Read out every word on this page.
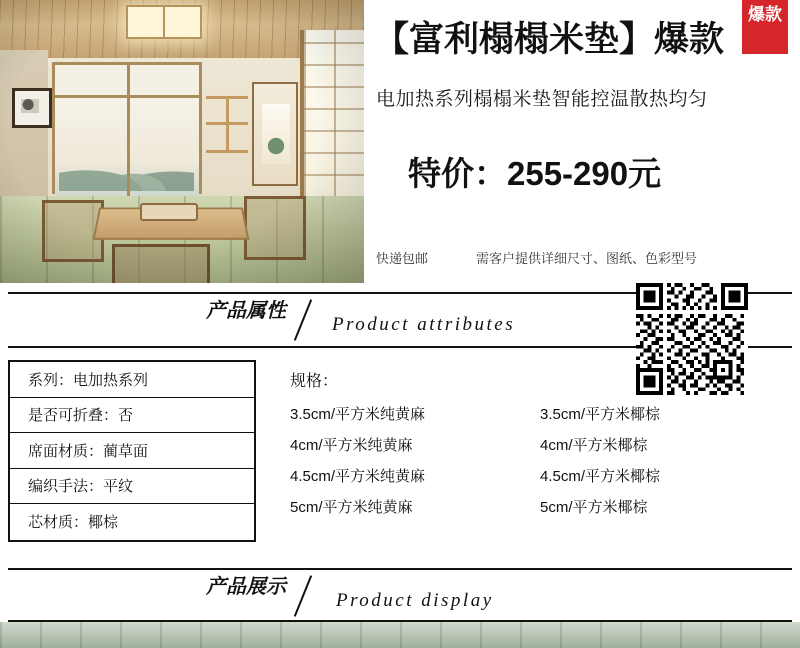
爆款
【富利榻榻米垫】爆款
电加热系列榻榻米垫智能控温散热均匀
特价：255-290元
快递包邮	需客户提供详细尺寸、图纸、色彩型号
产品属性
Product attributes
系列：电加热系列
是否可折叠：否
席面材质：蔺草面
编织手法：平纹
芯材质：椰棕
规格：
3.5cm/平方米纯黄麻	3.5cm/平方米椰棕
4cm/平方米纯黄麻	4cm/平方米椰棕
4.5cm/平方米纯黄麻	4.5cm/平方米椰棕
5cm/平方米纯黄麻	5cm/平方米椰棕
产品展示
Product display
